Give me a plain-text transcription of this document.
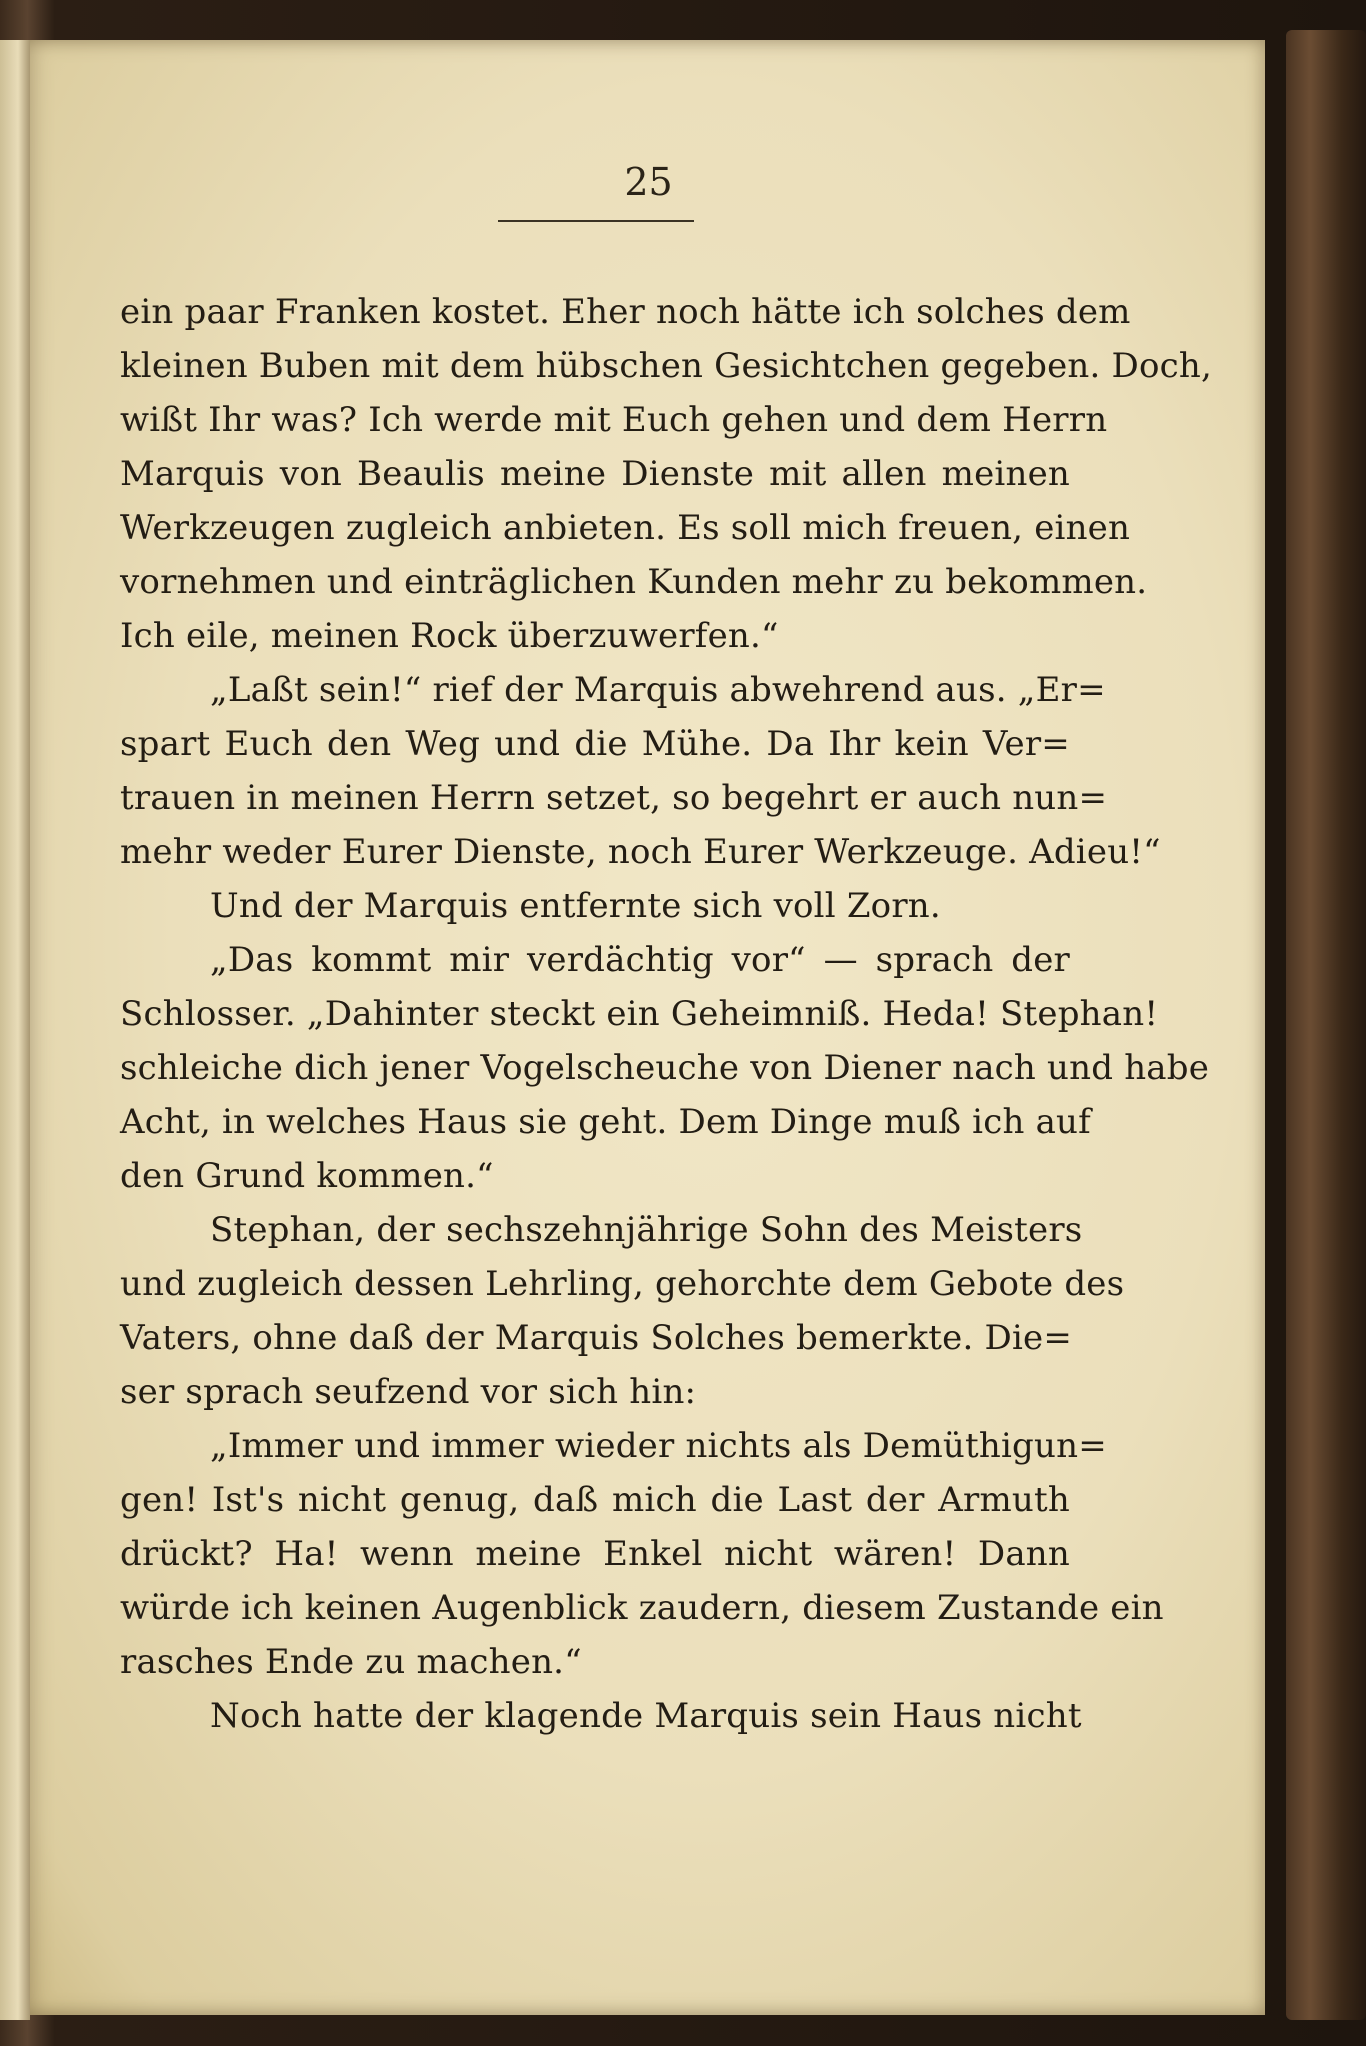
25
ein paar Franken kostet. Eher noch hätte ich solches dem
kleinen Buben mit dem hübschen Gesichtchen gegeben. Doch,
wißt Ihr was? Ich werde mit Euch gehen und dem Herrn
Marquis von Beaulis meine Dienste mit allen meinen
Werkzeugen zugleich anbieten. Es soll mich freuen, einen
vornehmen und einträglichen Kunden mehr zu bekommen.
Ich eile, meinen Rock überzuwerfen.“
„Laßt sein!“ rief der Marquis abwehrend aus. „Er=
spart Euch den Weg und die Mühe. Da Ihr kein Ver=
trauen in meinen Herrn setzet, so begehrt er auch nun=
mehr weder Eurer Dienste, noch Eurer Werkzeuge. Adieu!“
Und der Marquis entfernte sich voll Zorn.
„Das kommt mir verdächtig vor“ — sprach der
Schlosser. „Dahinter steckt ein Geheimniß. Heda! Stephan!
schleiche dich jener Vogelscheuche von Diener nach und habe
Acht, in welches Haus sie geht. Dem Dinge muß ich auf
den Grund kommen.“
Stephan, der sechszehnjährige Sohn des Meisters
und zugleich dessen Lehrling, gehorchte dem Gebote des
Vaters, ohne daß der Marquis Solches bemerkte. Die=
ser sprach seufzend vor sich hin:
„Immer und immer wieder nichts als Demüthigun=
gen! Ist's nicht genug, daß mich die Last der Armuth
drückt? Ha! wenn meine Enkel nicht wären! Dann
würde ich keinen Augenblick zaudern, diesem Zustande ein
rasches Ende zu machen.“
Noch hatte der klagende Marquis sein Haus nicht
